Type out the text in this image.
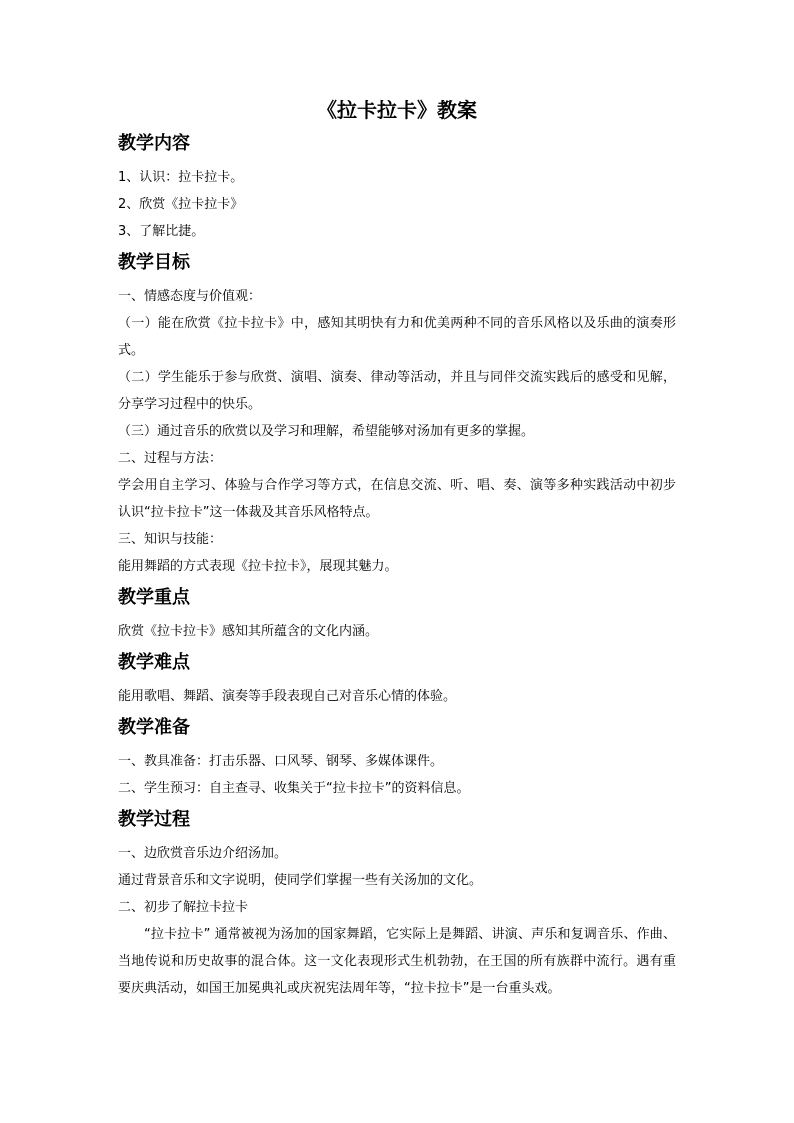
《拉卡拉卡》教案
教学内容

1、认识：拉卡拉卡。

2、欣赏《拉卡拉卡》

3、了解比捷。

教学目标

一、情感态度与价值观：

（一）能在欣赏《拉卡拉卡》中，感知其明快有力和优美两种不同的音乐风格以及乐曲的演奏形式。

（二）学生能乐于参与欣赏、演唱、演奏、律动等活动，并且与同伴交流实践后的感受和见解，分享学习过程中的快乐。

（三）通过音乐的欣赏以及学习和理解，希望能够对汤加有更多的掌握。

二、过程与方法：

学会用自主学习、体验与合作学习等方式，在信息交流、听、唱、奏、演等多种实践活动中初步认识“拉卡拉卡”这一体裁及其音乐风格特点。

三、知识与技能：

能用舞蹈的方式表现《拉卡拉卡》，展现其魅力。

教学重点

欣赏《拉卡拉卡》感知其所蕴含的文化内涵。

教学难点

能用歌唱、舞蹈、演奏等手段表现自己对音乐心情的体验。

教学准备

一、教具准备：打击乐器、口风琴、钢琴、多媒体课件。

二、学生预习：自主查寻、收集关于“拉卡拉卡”的资料信息。

教学过程

一、边欣赏音乐边介绍汤加。

通过背景音乐和文字说明，使同学们掌握一些有关汤加的文化。

二、初步了解拉卡拉卡

“拉卡拉卡” 通常被视为汤加的国家舞蹈，它实际上是舞蹈、讲演、声乐和复调音乐、作曲、当地传说和历史故事的混合体。这一文化表现形式生机勃勃，在王国的所有族群中流行。遇有重要庆典活动，如国王加冕典礼或庆祝宪法周年等，“拉卡拉卡”是一台重头戏。
